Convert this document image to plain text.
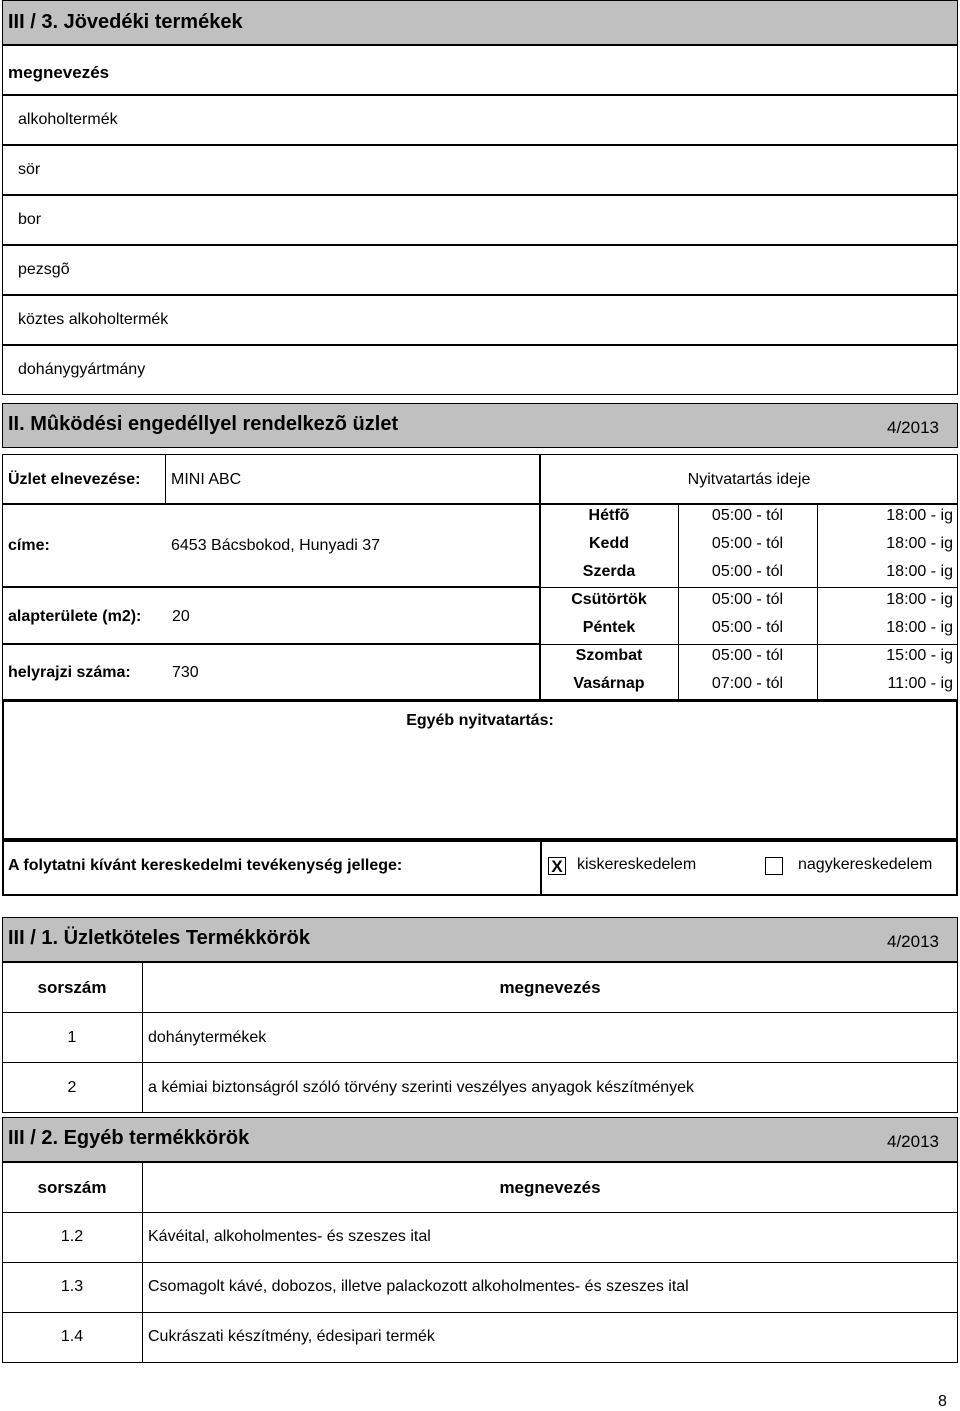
III / 3. Jövedéki termékek
megnevezés
alkoholtermék
sör
bor
pezsgõ
köztes alkoholtermék
dohánygyártmány
II. Mûködési engedéllyel rendelkezõ üzlet	4/2013
Üzlet elnevezése: MINI ABC
címe:	6453 Bácsbokod, Hunyadi 37
alapterülete (m2): 20
helyrajzi száma:	730
Nyitvatartás ideje
Hétfõ	05:00 - tól	18:00 - ig
Kedd	05:00 - tól	18:00 - ig
Szerda	05:00 - tól	18:00 - ig
Csütörtök	05:00 - tól	18:00 - ig
Péntek	05:00 - tól	18:00 - ig
Szombat	05:00 - tól	15:00 - ig
Vasárnap	07:00 - tól	11:00 - ig
Egyéb nyitvatartás:
A folytatni kívánt kereskedelmi tevékenység jellege:	X kiskereskedelem	nagykereskedelem
III / 1. Üzletköteles Termékkörök	4/2013
sorszám	megnevezés
1	dohánytermékek
2	a kémiai biztonságról szóló törvény szerinti veszélyes anyagok készítmények
III / 2. Egyéb termékkörök	4/2013
sorszám	megnevezés
1.2	Kávéital, alkoholmentes- és szeszes ital
1.3	Csomagolt kávé, dobozos, illetve palackozott alkoholmentes- és szeszes ital
1.4	Cukrászati készítmény, édesipari termék
8
